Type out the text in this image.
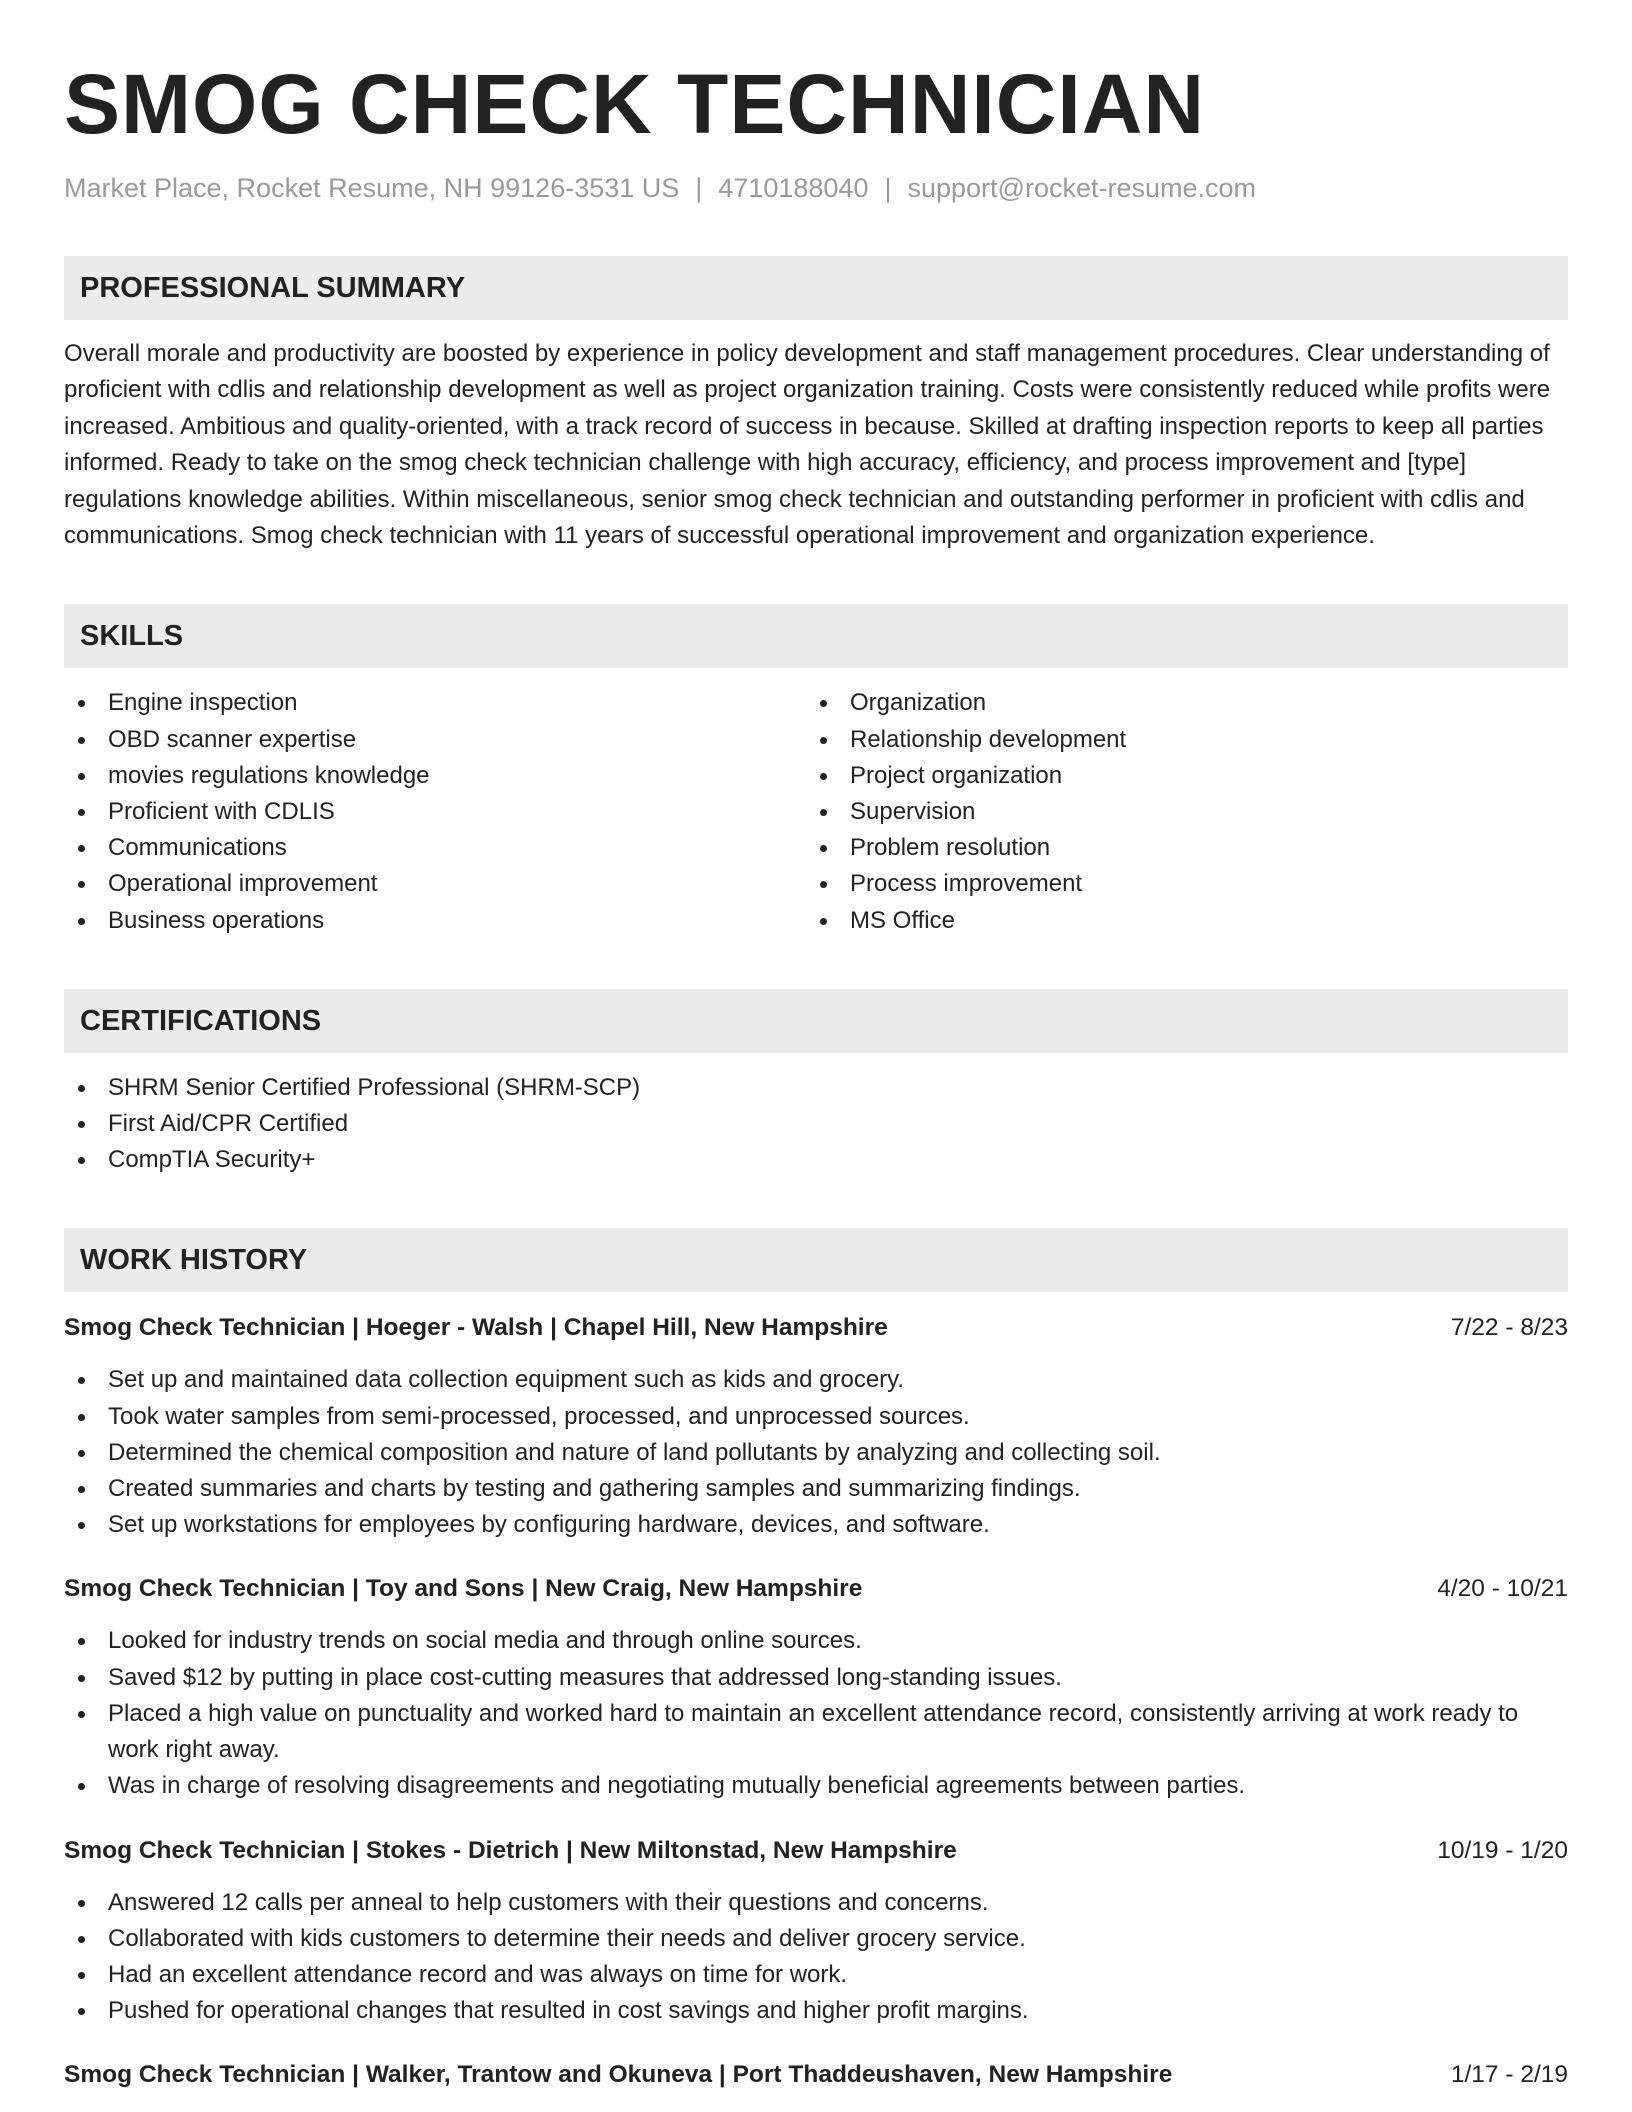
SMOG CHECK TECHNICIAN
Market Place, Rocket Resume, NH 99126-3531 US | 4710188040 | support@rocket-resume.com
PROFESSIONAL SUMMARY
Overall morale and productivity are boosted by experience in policy development and staff management procedures. Clear understanding of proficient with cdlis and relationship development as well as project organization training. Costs were consistently reduced while profits were increased. Ambitious and quality-oriented, with a track record of success in because. Skilled at drafting inspection reports to keep all parties informed. Ready to take on the smog check technician challenge with high accuracy, efficiency, and process improvement and [type] regulations knowledge abilities. Within miscellaneous, senior smog check technician and outstanding performer in proficient with cdlis and communications. Smog check technician with 11 years of successful operational improvement and organization experience.
SKILLS
Engine inspection
OBD scanner expertise
movies regulations knowledge
Proficient with CDLIS
Communications
Operational improvement
Business operations
Organization
Relationship development
Project organization
Supervision
Problem resolution
Process improvement
MS Office
CERTIFICATIONS
SHRM Senior Certified Professional (SHRM-SCP)
First Aid/CPR Certified
CompTIA Security+
WORK HISTORY
Smog Check Technician | Hoeger - Walsh | Chapel Hill, New Hampshire	7/22 - 8/23
Set up and maintained data collection equipment such as kids and grocery.
Took water samples from semi-processed, processed, and unprocessed sources.
Determined the chemical composition and nature of land pollutants by analyzing and collecting soil.
Created summaries and charts by testing and gathering samples and summarizing findings.
Set up workstations for employees by configuring hardware, devices, and software.
Smog Check Technician | Toy and Sons | New Craig, New Hampshire	4/20 - 10/21
Looked for industry trends on social media and through online sources.
Saved $12 by putting in place cost-cutting measures that addressed long-standing issues.
Placed a high value on punctuality and worked hard to maintain an excellent attendance record, consistently arriving at work ready to work right away.
Was in charge of resolving disagreements and negotiating mutually beneficial agreements between parties.
Smog Check Technician | Stokes - Dietrich | New Miltonstad, New Hampshire	10/19 - 1/20
Answered 12 calls per anneal to help customers with their questions and concerns.
Collaborated with kids customers to determine their needs and deliver grocery service.
Had an excellent attendance record and was always on time for work.
Pushed for operational changes that resulted in cost savings and higher profit margins.
Smog Check Technician | Walker, Trantow and Okuneva | Port Thaddeushaven, New Hampshire	1/17 - 2/19
